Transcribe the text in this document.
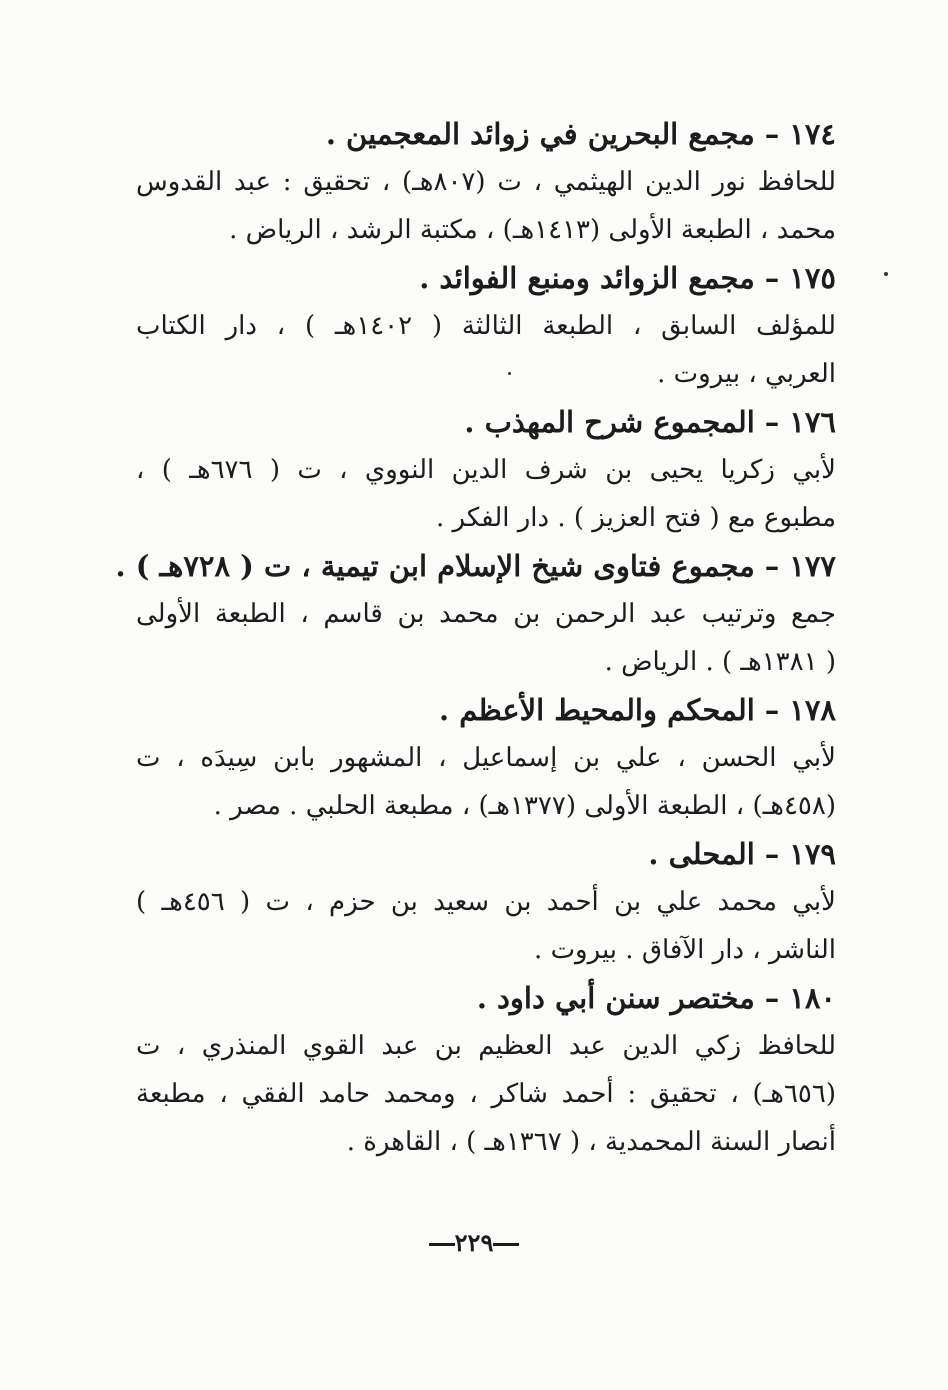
١٧٤–مجمع البحرين في زوائد المعجمين .
للحافظ نور الدين الهيثمي ، ت (٨٠٧هـ) ، تحقيق : عبد القدوس
محمد ، الطبعة الأولى (١٤١٣هـ) ، مكتبة الرشد ، الرياض .
١٧٥–مجمع الزوائد ومنبع الفوائد .
للمؤلف السابق ، الطبعة الثالثة ( ١٤٠٢هـ ) ، دار الكتاب
العربي ، بيروت .
١٧٦–المجموع شرح المهذب .
لأبي زكريا يحيى بن شرف الدين النووي ، ت ( ٦٧٦هـ ) ،
مطبوع مع ( فتح العزيز ) . دار الفكر .
١٧٧–مجموع فتاوى شيخ الإسلام ابن تيمية ، ت ( ٧٢٨هـ ) .
جمع وترتيب عبد الرحمن بن محمد بن قاسم ، الطبعة الأولى
( ١٣٨١هـ ) . الرياض .
١٧٨–المحكم والمحيط الأعظم .
لأبي الحسن ، علي بن إسماعيل ، المشهور بابن سِيدَه ، ت
(٤٥٨هـ) ، الطبعة الأولى (١٣٧٧هـ) ، مطبعة الحلبي . مصر .
١٧٩–المحلى .
لأبي محمد علي بن أحمد بن سعيد بن حزم ، ت ( ٤٥٦هـ )
الناشر ، دار الآفاق . بيروت .
١٨٠–مختصر سنن أبي داود .
للحافظ زكي الدين عبد العظيم بن عبد القوي المنذري ، ت
(٦٥٦هـ) ، تحقيق : أحمد شاكر ، ومحمد حامد الفقي ، مطبعة
أنصار السنة المحمدية ، ( ١٣٦٧هـ ) ، القاهرة .
٢٢٩
